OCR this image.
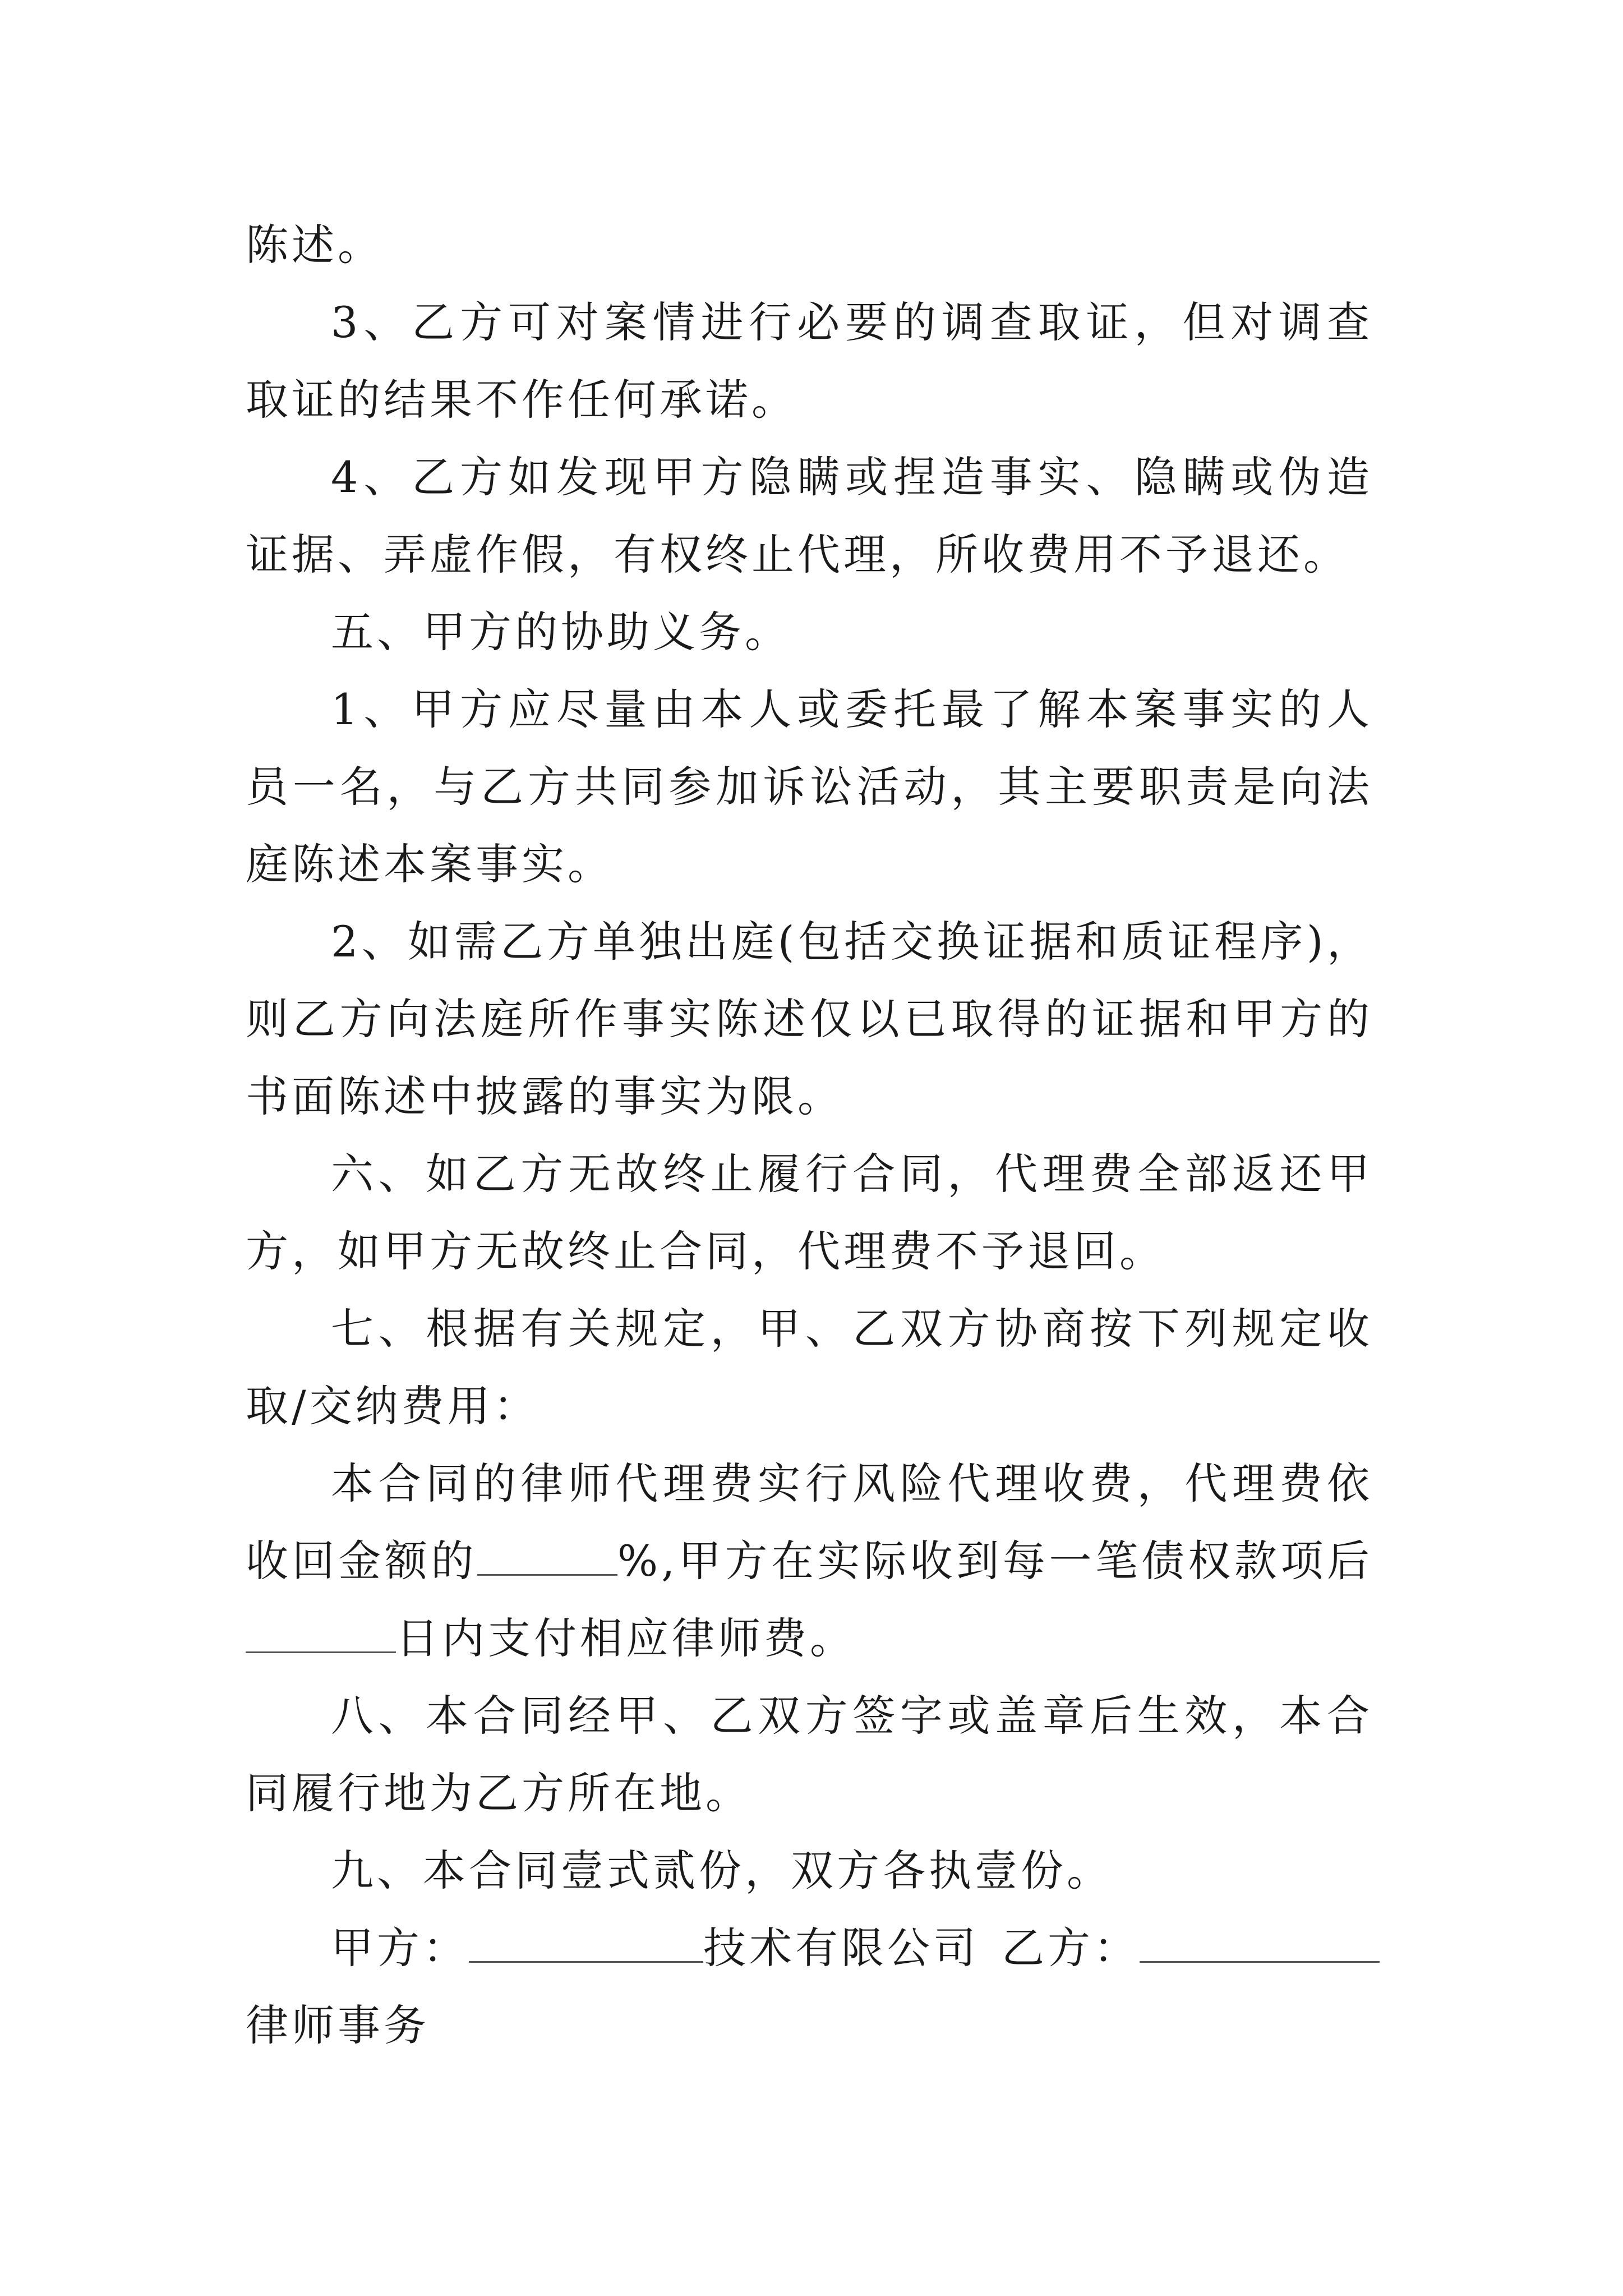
陈述。

3、乙方可对案情进行必要的调查取证，但对调查取证的结果不作任何承诺。

4、乙方如发现甲方隐瞒或捏造事实、隐瞒或伪造证据、弄虚作假，有权终止代理，所收费用不予退还。

五、甲方的协助义务。

1、甲方应尽量由本人或委托最了解本案事实的人员一名，与乙方共同参加诉讼活动，其主要职责是向法庭陈述本案事实。

2、如需乙方单独出庭(包括交换证据和质证程序)，则乙方向法庭所作事实陈述仅以已取得的证据和甲方的书面陈述中披露的事实为限。

六、如乙方无故终止履行合同，代理费全部返还甲方，如甲方无故终止合同，代理费不予退回。

七、根据有关规定，甲、乙双方协商按下列规定收取/交纳费用：

本合同的律师代理费实行风险代理收费，代理费依收回金额的	%,甲方在实际收到每一笔债权款项后日内支付相应律师费。

八、本合同经甲、乙双方签字或盖章后生效，本合同履行地为乙方所在地。

九、本合同壹式贰份，双方各执壹份。

甲方：	技术有限公司 乙方：

律师事务
